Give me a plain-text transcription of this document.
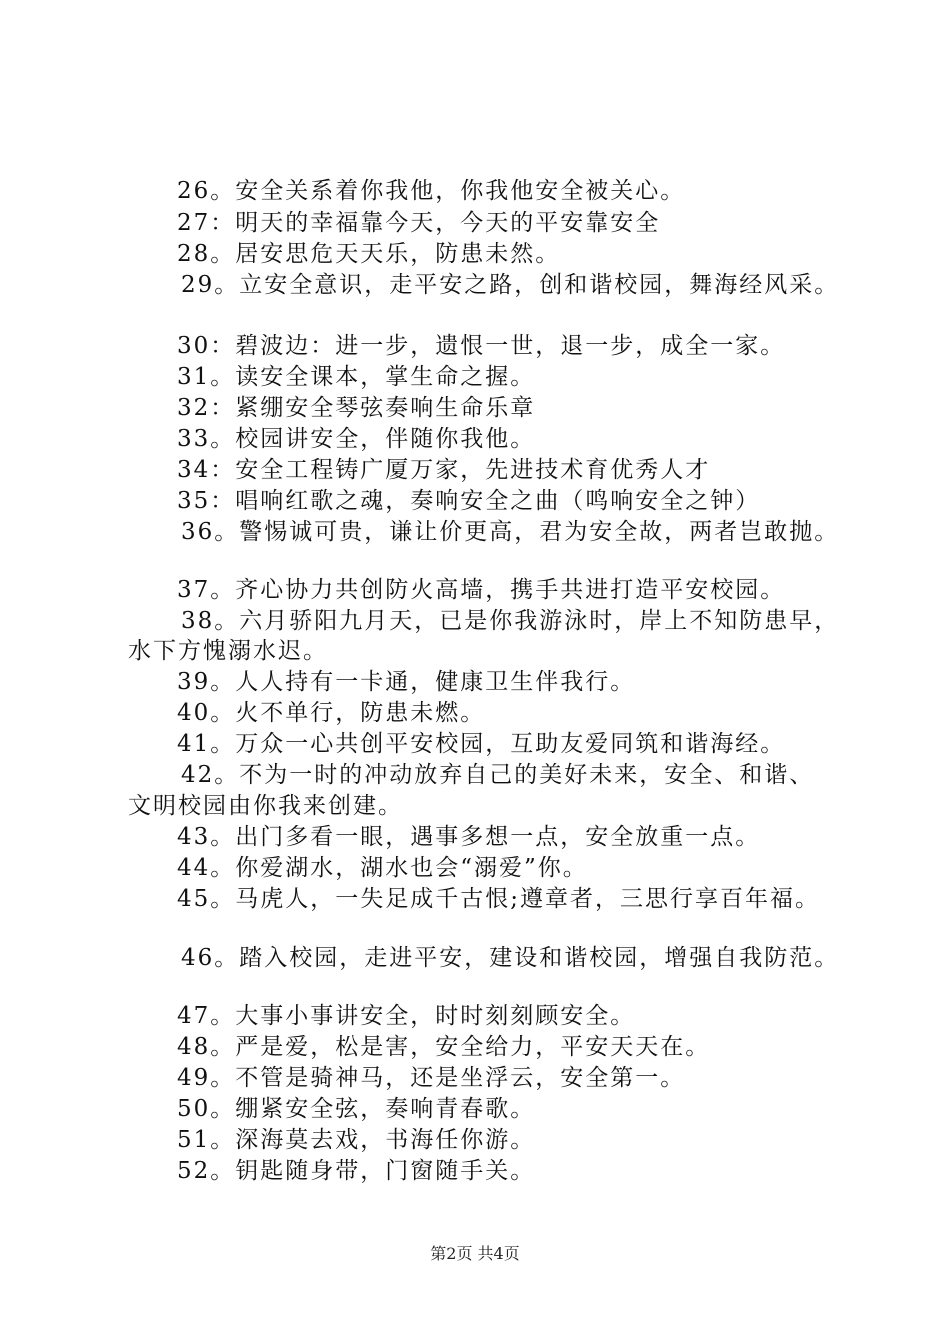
26。安全关系着你我他，你我他安全被关心。
27：明天的幸福靠今天，今天的平安靠安全
28。居安思危天天乐，防患未然。
29。立安全意识，走平安之路，创和谐校园，舞海经风采。
30：碧波边：进一步，遗恨一世，退一步，成全一家。
31。读安全课本，掌生命之握。
32：紧绷安全琴弦奏响生命乐章
33。校园讲安全，伴随你我他。
34：安全工程铸广厦万家，先进技术育优秀人才
35：唱响红歌之魂，奏响安全之曲（鸣响安全之钟）
36。警惕诚可贵，谦让价更高，君为安全故，两者岂敢抛。
37。齐心协力共创防火高墙，携手共进打造平安校园。
38。六月骄阳九月天，已是你我游泳时，岸上不知防患早，
水下方愧溺水迟。
39。人人持有一卡通，健康卫生伴我行。
40。火不单行，防患未燃。
41。万众一心共创平安校园，互助友爱同筑和谐海经。
42。不为一时的冲动放弃自己的美好未来，安全、和谐、
文明校园由你我来创建。
43。出门多看一眼，遇事多想一点，安全放重一点。
44。你爱湖水，湖水也会“溺爱”你。
45。马虎人，一失足成千古恨;遵章者，三思行享百年福。
46。踏入校园，走进平安，建设和谐校园，增强自我防范。
47。大事小事讲安全，时时刻刻顾安全。
48。严是爱，松是害，安全给力，平安天天在。
49。不管是骑神马，还是坐浮云，安全第一。
50。绷紧安全弦，奏响青春歌。
51。深海莫去戏，书海任你游。
52。钥匙随身带，门窗随手关。
第2页 共4页
